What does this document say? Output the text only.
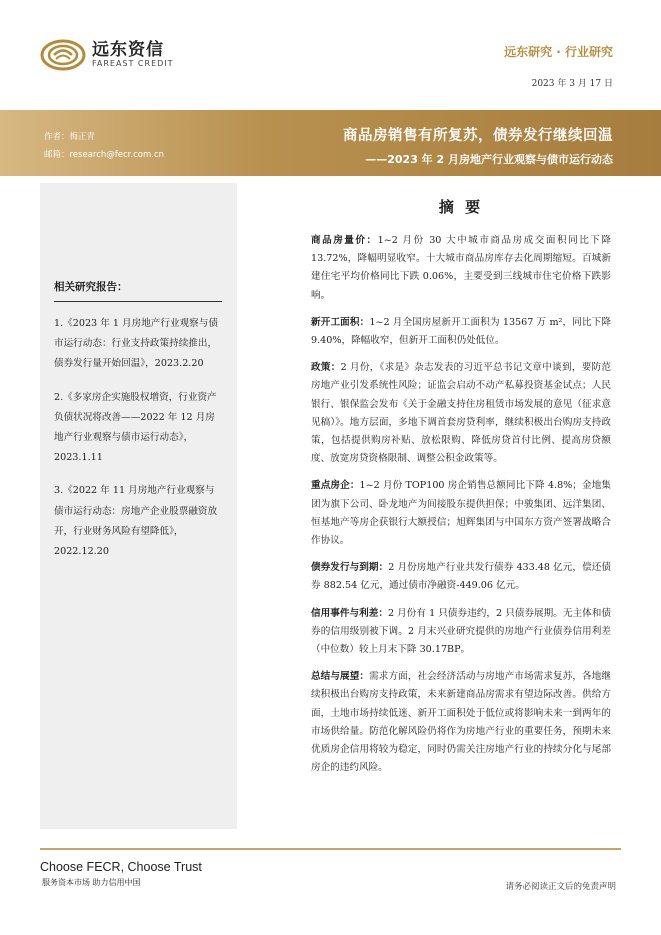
远东资信
FAREAST CREDIT
远东研究 · 行业研究
2023 年 3 月 17 日
作者：梅正青
邮箱：research@fecr.com.cn
商品房销售有所复苏，债券发行继续回温
——2023 年 2 月房地产行业观察与债市运行动态
相关研究报告：
1.《2023 年 1 月房地产行业观察与债市运行动态：行业支持政策持续推出，债券发行量开始回温》，2023.2.20
2.《多家房企实施股权增资，行业资产负债状况将改善——2022 年 12 月房地产行业观察与债市运行动态》，2023.1.11
3.《2022 年 11 月房地产行业观察与债市运行动态：房地产企业股票融资放开，行业财务风险有望降低》，2022.12.20
摘 要
商品房量价：1~2 月份 30 大中城市商品房成交面积同比下降 13.72%，降幅明显收窄。十大城市商品房库存去化周期缩短。百城新建住宅平均价格同比下跌 0.06%，主要受到三线城市住宅价格下跌影响。
新开工面积：1~2 月全国房屋新开工面积为 13567 万 m²，同比下降 9.40%，降幅收窄，但新开工面积仍处低位。
政策：2 月份，《求是》杂志发表的习近平总书记文章中谈到，要防范房地产业引发系统性风险；证监会启动不动产私募投资基金试点；人民银行、银保监会发布《关于金融支持住房租赁市场发展的意见（征求意见稿）》。地方层面，多地下调首套房贷利率，继续积极出台购房支持政策，包括提供购房补贴、放松限购、降低房贷首付比例、提高房贷额度、放宽房贷资格限制、调整公积金政策等。
重点房企：1~2 月份 TOP100 房企销售总额同比下降 4.8%；金地集团为旗下公司、卧龙地产为间接股东提供担保；中骏集团、远洋集团、恒基地产等房企获银行大额授信；旭辉集团与中国东方资产签署战略合作协议。
债券发行与到期：2 月份房地产行业共发行债券 433.48 亿元，偿还债券 882.54 亿元，通过债市净融资-449.06 亿元。
信用事件与利差：2 月份有 1 只债券违约，2 只债券展期。无主体和债券的信用级别被下调。2 月末兴业研究提供的房地产行业债券信用利差（中位数）较上月末下降 30.17BP。
总结与展望：需求方面，社会经济活动与房地产市场需求复苏，各地继续积极出台购房支持政策，未来新建商品房需求有望边际改善。供给方面，土地市场持续低迷、新开工面积处于低位或将影响未来一到两年的市场供给量。防范化解风险仍将作为房地产行业的重要任务，预期未来优质房企信用将较为稳定，同时仍需关注房地产行业的持续分化与尾部房企的违约风险。
Choose FECR, Choose Trust
服务资本市场 助力信用中国	请务必阅读正文后的免责声明
